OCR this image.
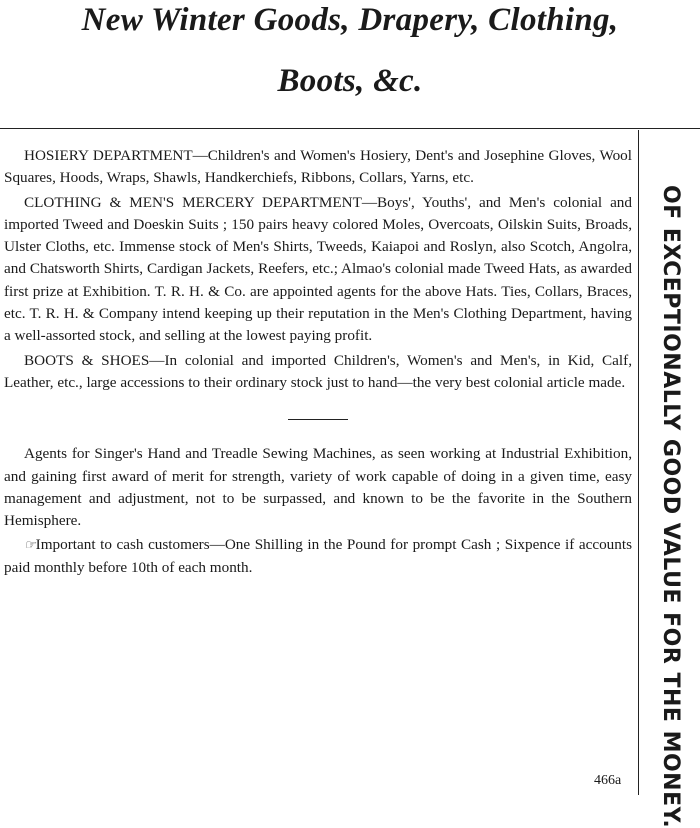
New Winter Goods, Drapery, Clothing,
Boots, &c.

HOSIERY DEPARTMENT—Children's and Women's Hosiery, Dent's and Josephine Gloves, Wool Squares, Hoods, Wraps, Shawls, Handkerchiefs, Ribbons, Collars, Yarns, etc.

CLOTHING & MEN'S MERCERY DEPARTMENT—Boys', Youths', and Men's colonial and imported Tweed and Doeskin Suits ; 150 pairs heavy colored Moles, Overcoats, Oilskin Suits, Broads, Ulster Cloths, etc. Immense stock of Men's Shirts, Tweeds, Kaiapoi and Roslyn, also Scotch, Angolra, and Chatsworth Shirts, Cardigan Jackets, Reefers, etc.; Almao's colonial made Tweed Hats, as awarded first prize at Exhibition. T. R. H. & Co. are appointed agents for the above Hats. Ties, Collars, Braces, etc. T. R. H. & Company intend keeping up their reputation in the Men's Clothing Department, having a well-assorted stock, and selling at the lowest paying profit.

BOOTS & SHOES—In colonial and imported Children's, Women's and Men's, in Kid, Calf, Leather, etc., large accessions to their ordinary stock just to hand—the very best colonial article made.

Agents for Singer's Hand and Treadle Sewing Machines, as seen working at Industrial Exhibition, and gaining first award of merit for strength, variety of work capable of doing in a given time, easy management and adjustment, not to be surpassed, and known to be the favorite in the Southern Hemisphere.

☞Important to cash customers—One Shilling in the Pound for prompt Cash ; Sixpence if accounts paid monthly before 10th of each month.

466a	OF EXCEPTIONALLY GOOD VALUE FOR THE MONEY.
